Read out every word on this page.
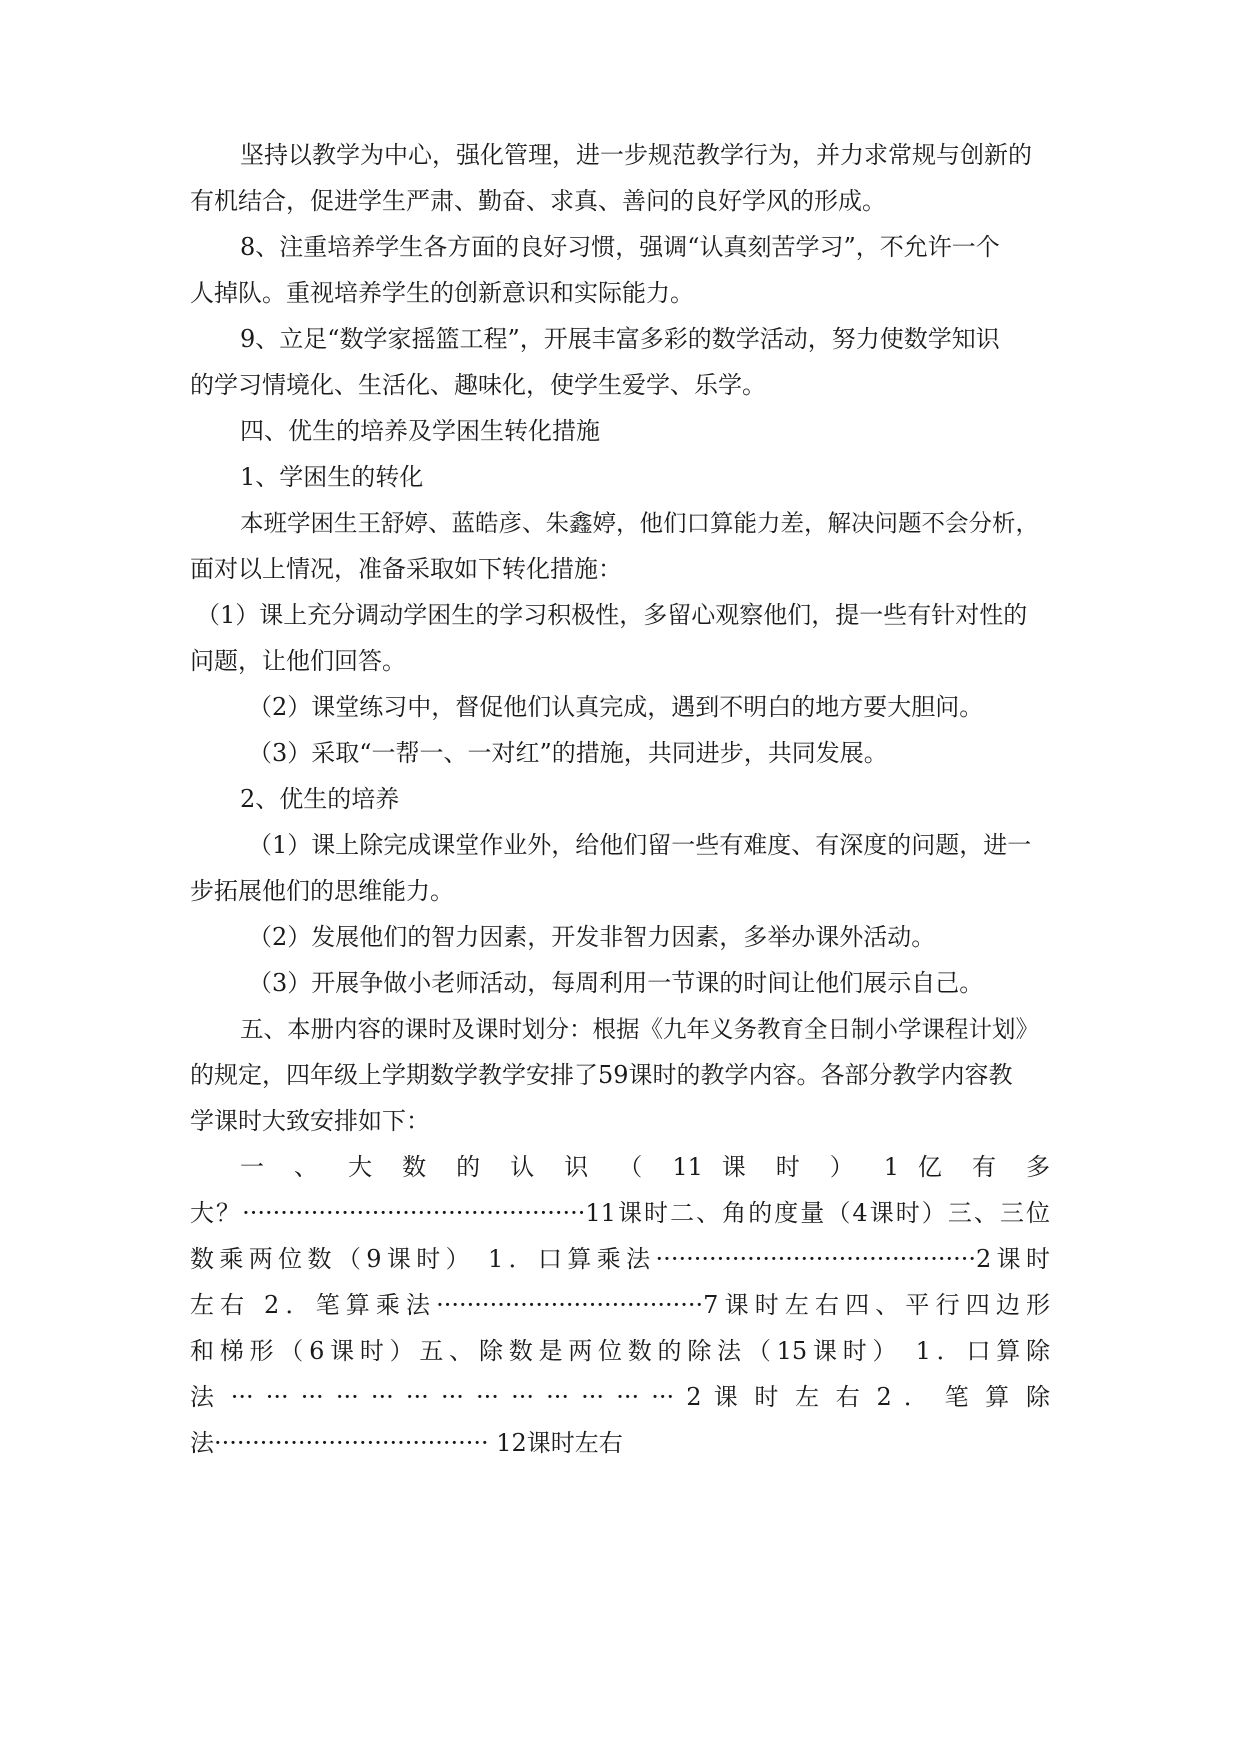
坚持以教学为中心，强化管理，进一步规范教学行为，并力求常规与创新的
有机结合，促进学生严肃、勤奋、求真、善问的良好学风的形成。
8、注重培养学生各方面的良好习惯，强调“认真刻苦学习”，不允许一个
人掉队。重视培养学生的创新意识和实际能力。
9、立足“数学家摇篮工程”，开展丰富多彩的数学活动，努力使数学知识
的学习情境化、生活化、趣味化，使学生爱学、乐学。
四、优生的培养及学困生转化措施
1、学困生的转化
本班学困生王舒婷、蓝皓彦、朱鑫婷，他们口算能力差，解决问题不会分析，
面对以上情况，准备采取如下转化措施：
（1）课上充分调动学困生的学习积极性，多留心观察他们，提一些有针对性的
问题，让他们回答。
（2）课堂练习中，督促他们认真完成，遇到不明白的地方要大胆问。
（3）采取“一帮一、一对红”的措施，共同进步，共同发展。
2、优生的培养
（1）课上除完成课堂作业外，给他们留一些有难度、有深度的问题，进一
步拓展他们的思维能力。
（2）发展他们的智力因素，开发非智力因素，多举办课外活动。
（3）开展争做小老师活动，每周利用一节课的时间让他们展示自己。
五、本册内容的课时及课时划分：根据《九年义务教育全日制小学课程计划》
的规定，四年级上学期数学教学安排了59课时的教学内容。各部分教学内容教
学课时大致安排如下：
一 、 大 数 的 认 识 （ 11 课 时 ） 1 亿 有 多
大？·············································11课时二、角的度量（4课时）三、三位
数乘两位数（9课时） 1．口算乘法··········································2课时
左右 2．笔算乘法···································7课时左右四、平行四边形
和梯形（6课时）五、除数是两位数的除法（15课时） 1．口算除
法 ··· ··· ··· ··· ··· ··· ··· ··· ··· ··· ··· ··· ··· 2 课 时 左 右 2 ． 笔 算 除
法···································· 12课时左右
